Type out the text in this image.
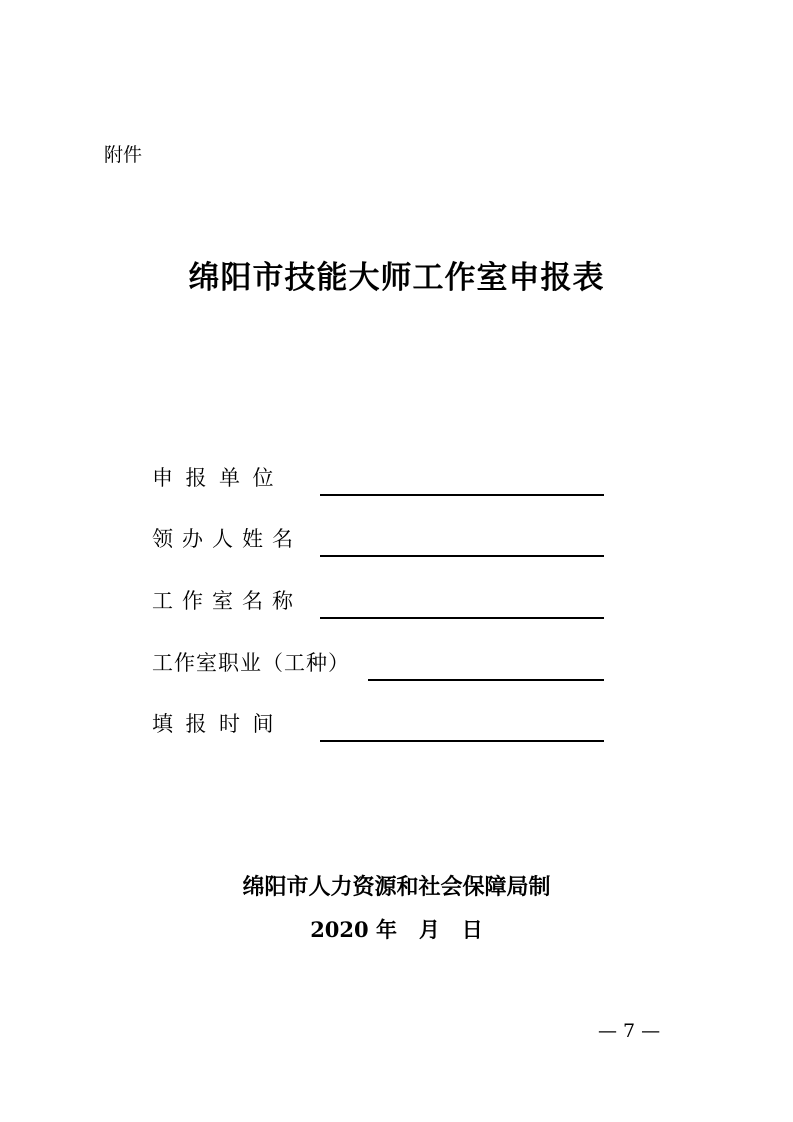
附件
绵阳市技能大师工作室申报表
申报单位
领办人姓名
工作室名称
工作室职业（工种）
填报时间
绵阳市人力资源和社会保障局制
2020 年   月   日
— 7 —
